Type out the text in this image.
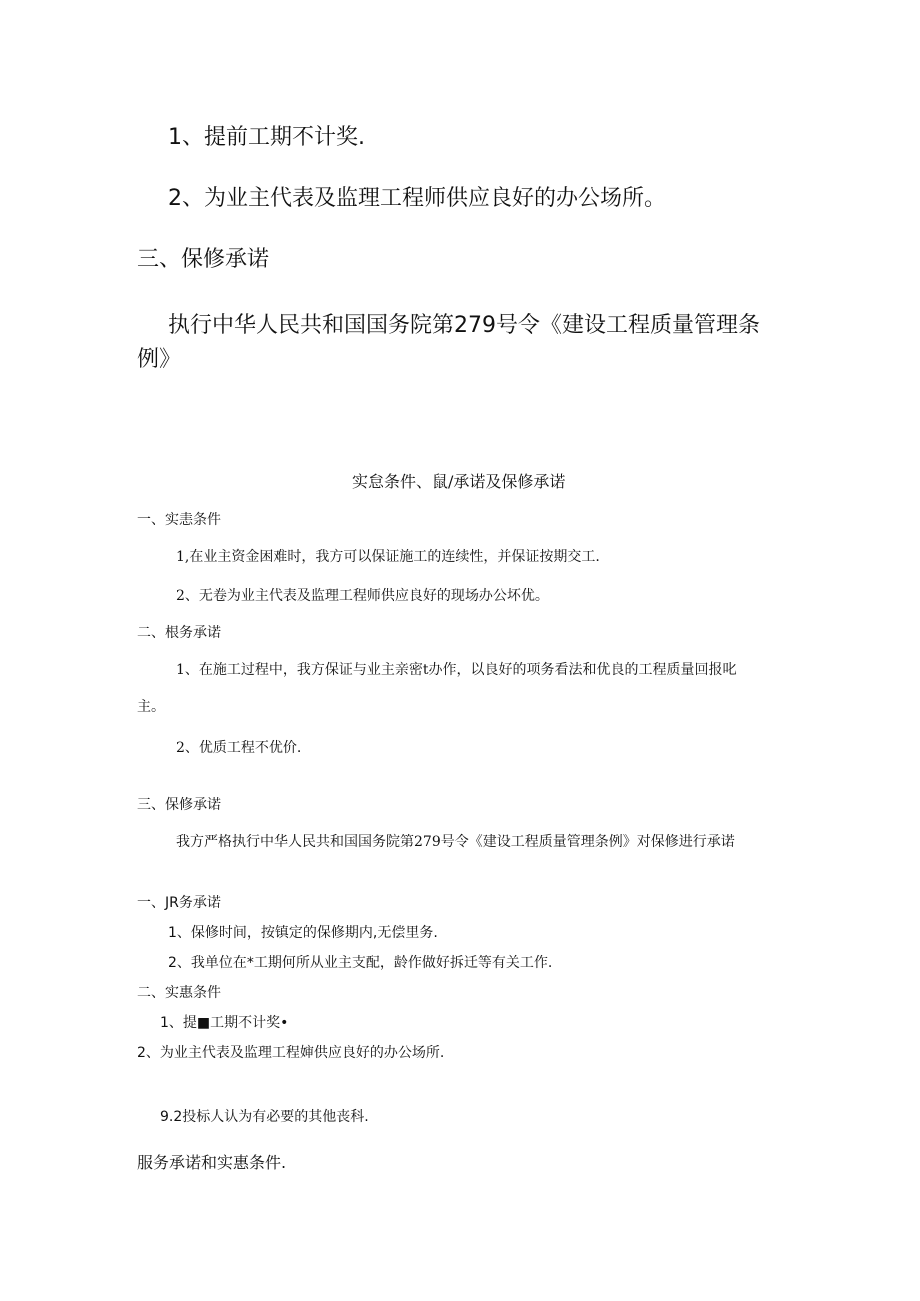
1、提前工期不计奖.

2、为业主代表及监理工程师供应良好的办公场所。

三、保修承诺

执行中华人民共和国国务院第279号令《建设工程质量管理条

例》

实怠条件、鼠/承诺及保修承诺

一、实恚条件

1,在业主资金困难时，我方可以保证施工的连续性，并保证按期交工.

2、无卷为业主代表及监理工程师供应良好的现场办公坏优。

二、根务承诺

1、在施工过程中，我方保证与业主亲密t办作，以良好的项务看法和优良的工程质量回报叱

主。

2、优质工程不优价.

三、保修承诺

我方严格执行中华人民共和国国务院第279号令《建设工程质量管理条例》对保修进行承诺

一、JR务承诺

1、保修时间，按镇定的保修期内,无偿里务.

2、我单位在*工期何所从业主支配，龄作做好拆迁等有关工作.

二、实惠条件

1、提■工期不计奖•

2、为业主代表及监理工程婶供应良好的办公场所.

9.2投标人认为有必要的其他丧科.

服务承诺和实惠条件.
